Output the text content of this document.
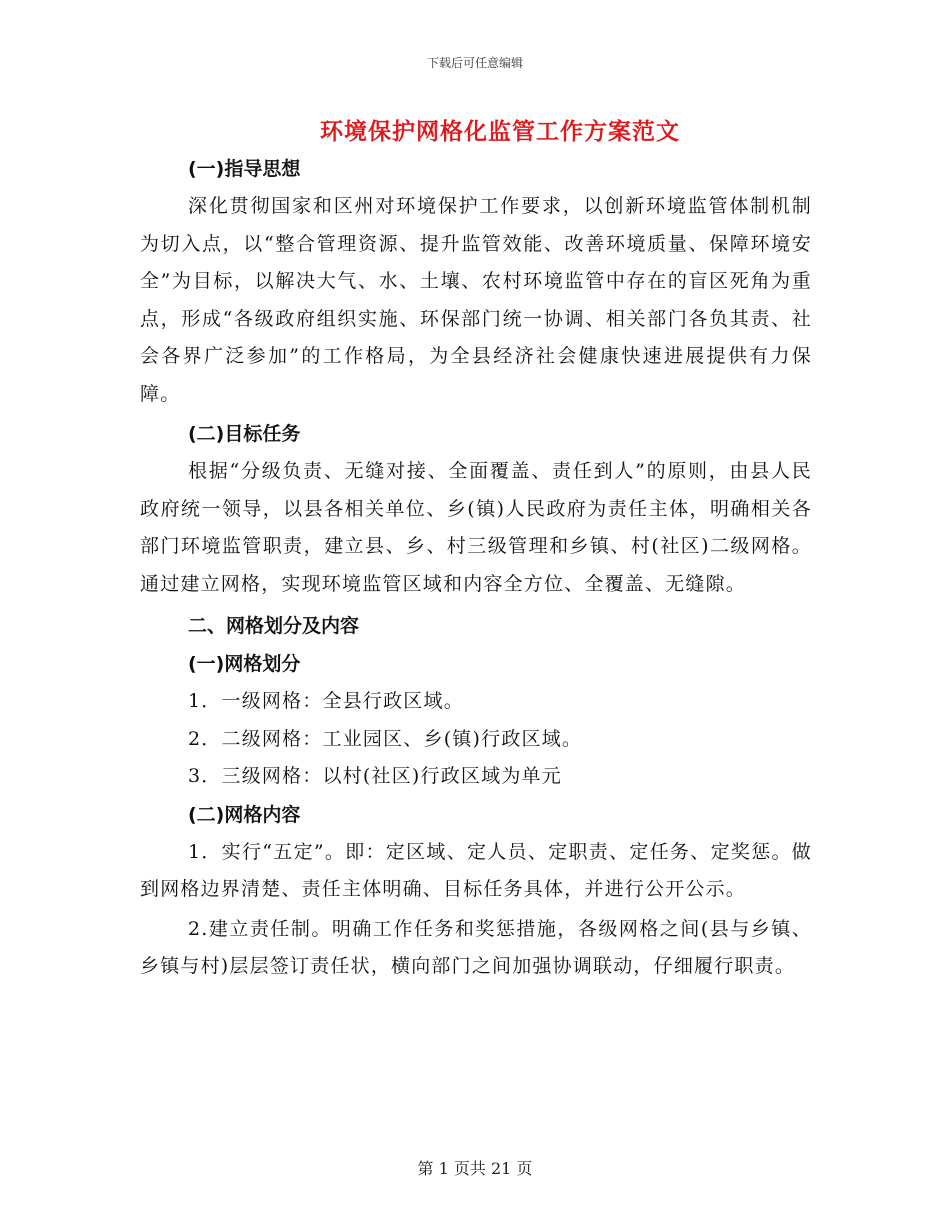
下载后可任意编辑
环境保护网格化监管工作方案范文
(一)指导思想

深化贯彻国家和区州对环境保护工作要求，以创新环境监管体制机制为切入点，以“整合管理资源、提升监管效能、改善环境质量、保障环境安全”为目标，以解决大气、水、土壤、农村环境监管中存在的盲区死角为重点，形成“各级政府组织实施、环保部门统一协调、相关部门各负其责、社会各界广泛参加”的工作格局，为全县经济社会健康快速进展提供有力保障。

(二)目标任务

根据“分级负责、无缝对接、全面覆盖、责任到人”的原则，由县人民政府统一领导，以县各相关单位、乡(镇)人民政府为责任主体，明确相关各部门环境监管职责，建立县、乡、村三级管理和乡镇、村(社区)二级网格。通过建立网格，实现环境监管区域和内容全方位、全覆盖、无缝隙。

二、网格划分及内容
(一)网格划分
1．一级网格：全县行政区域。
2．二级网格：工业园区、乡(镇)行政区域。
3．三级网格：以村(社区)行政区域为单元
(二)网格内容

1．实行“五定”。即：定区域、定人员、定职责、定任务、定奖惩。做到网格边界清楚、责任主体明确、目标任务具体，并进行公开公示。

2.建立责任制。明确工作任务和奖惩措施，各级网格之间(县与乡镇、乡镇与村)层层签订责任状，横向部门之间加强协调联动，仔细履行职责。

第 1 页共 21 页
